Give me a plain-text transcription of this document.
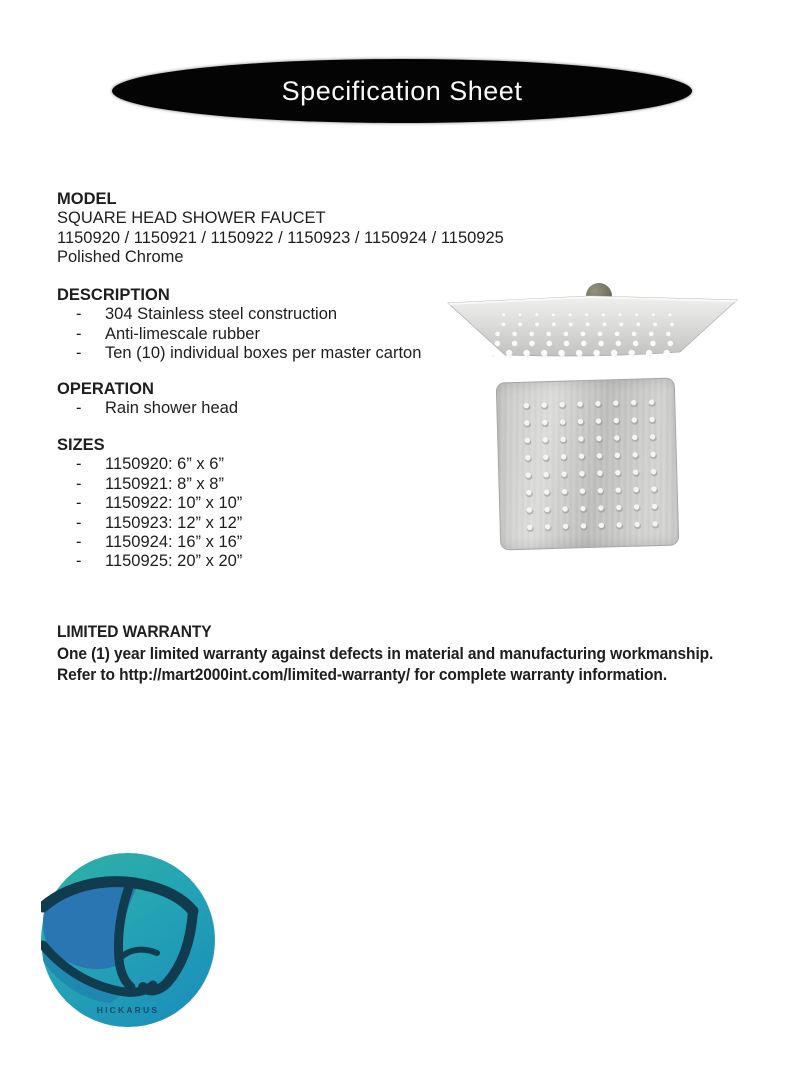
Specification Sheet
MODEL
SQUARE HEAD SHOWER FAUCET
1150920 / 1150921 / 1150922 / 1150923 / 1150924 / 1150925
Polished Chrome
DESCRIPTION
-	304 Stainless steel construction
-	Anti-limescale rubber
-	Ten (10) individual boxes per master carton
OPERATION
-	Rain shower head
SIZES
-	1150920: 6” x 6”
-	1150921: 8” x 8”
-	1150922: 10” x 10”
-	1150923: 12” x 12”
-	1150924: 16” x 16”
-	1150925: 20” x 20”
LIMITED WARRANTY
One (1) year limited warranty against defects in material and manufacturing workmanship.
Refer to http://mart2000int.com/limited-warranty/ for complete warranty information.
HICKARUS
